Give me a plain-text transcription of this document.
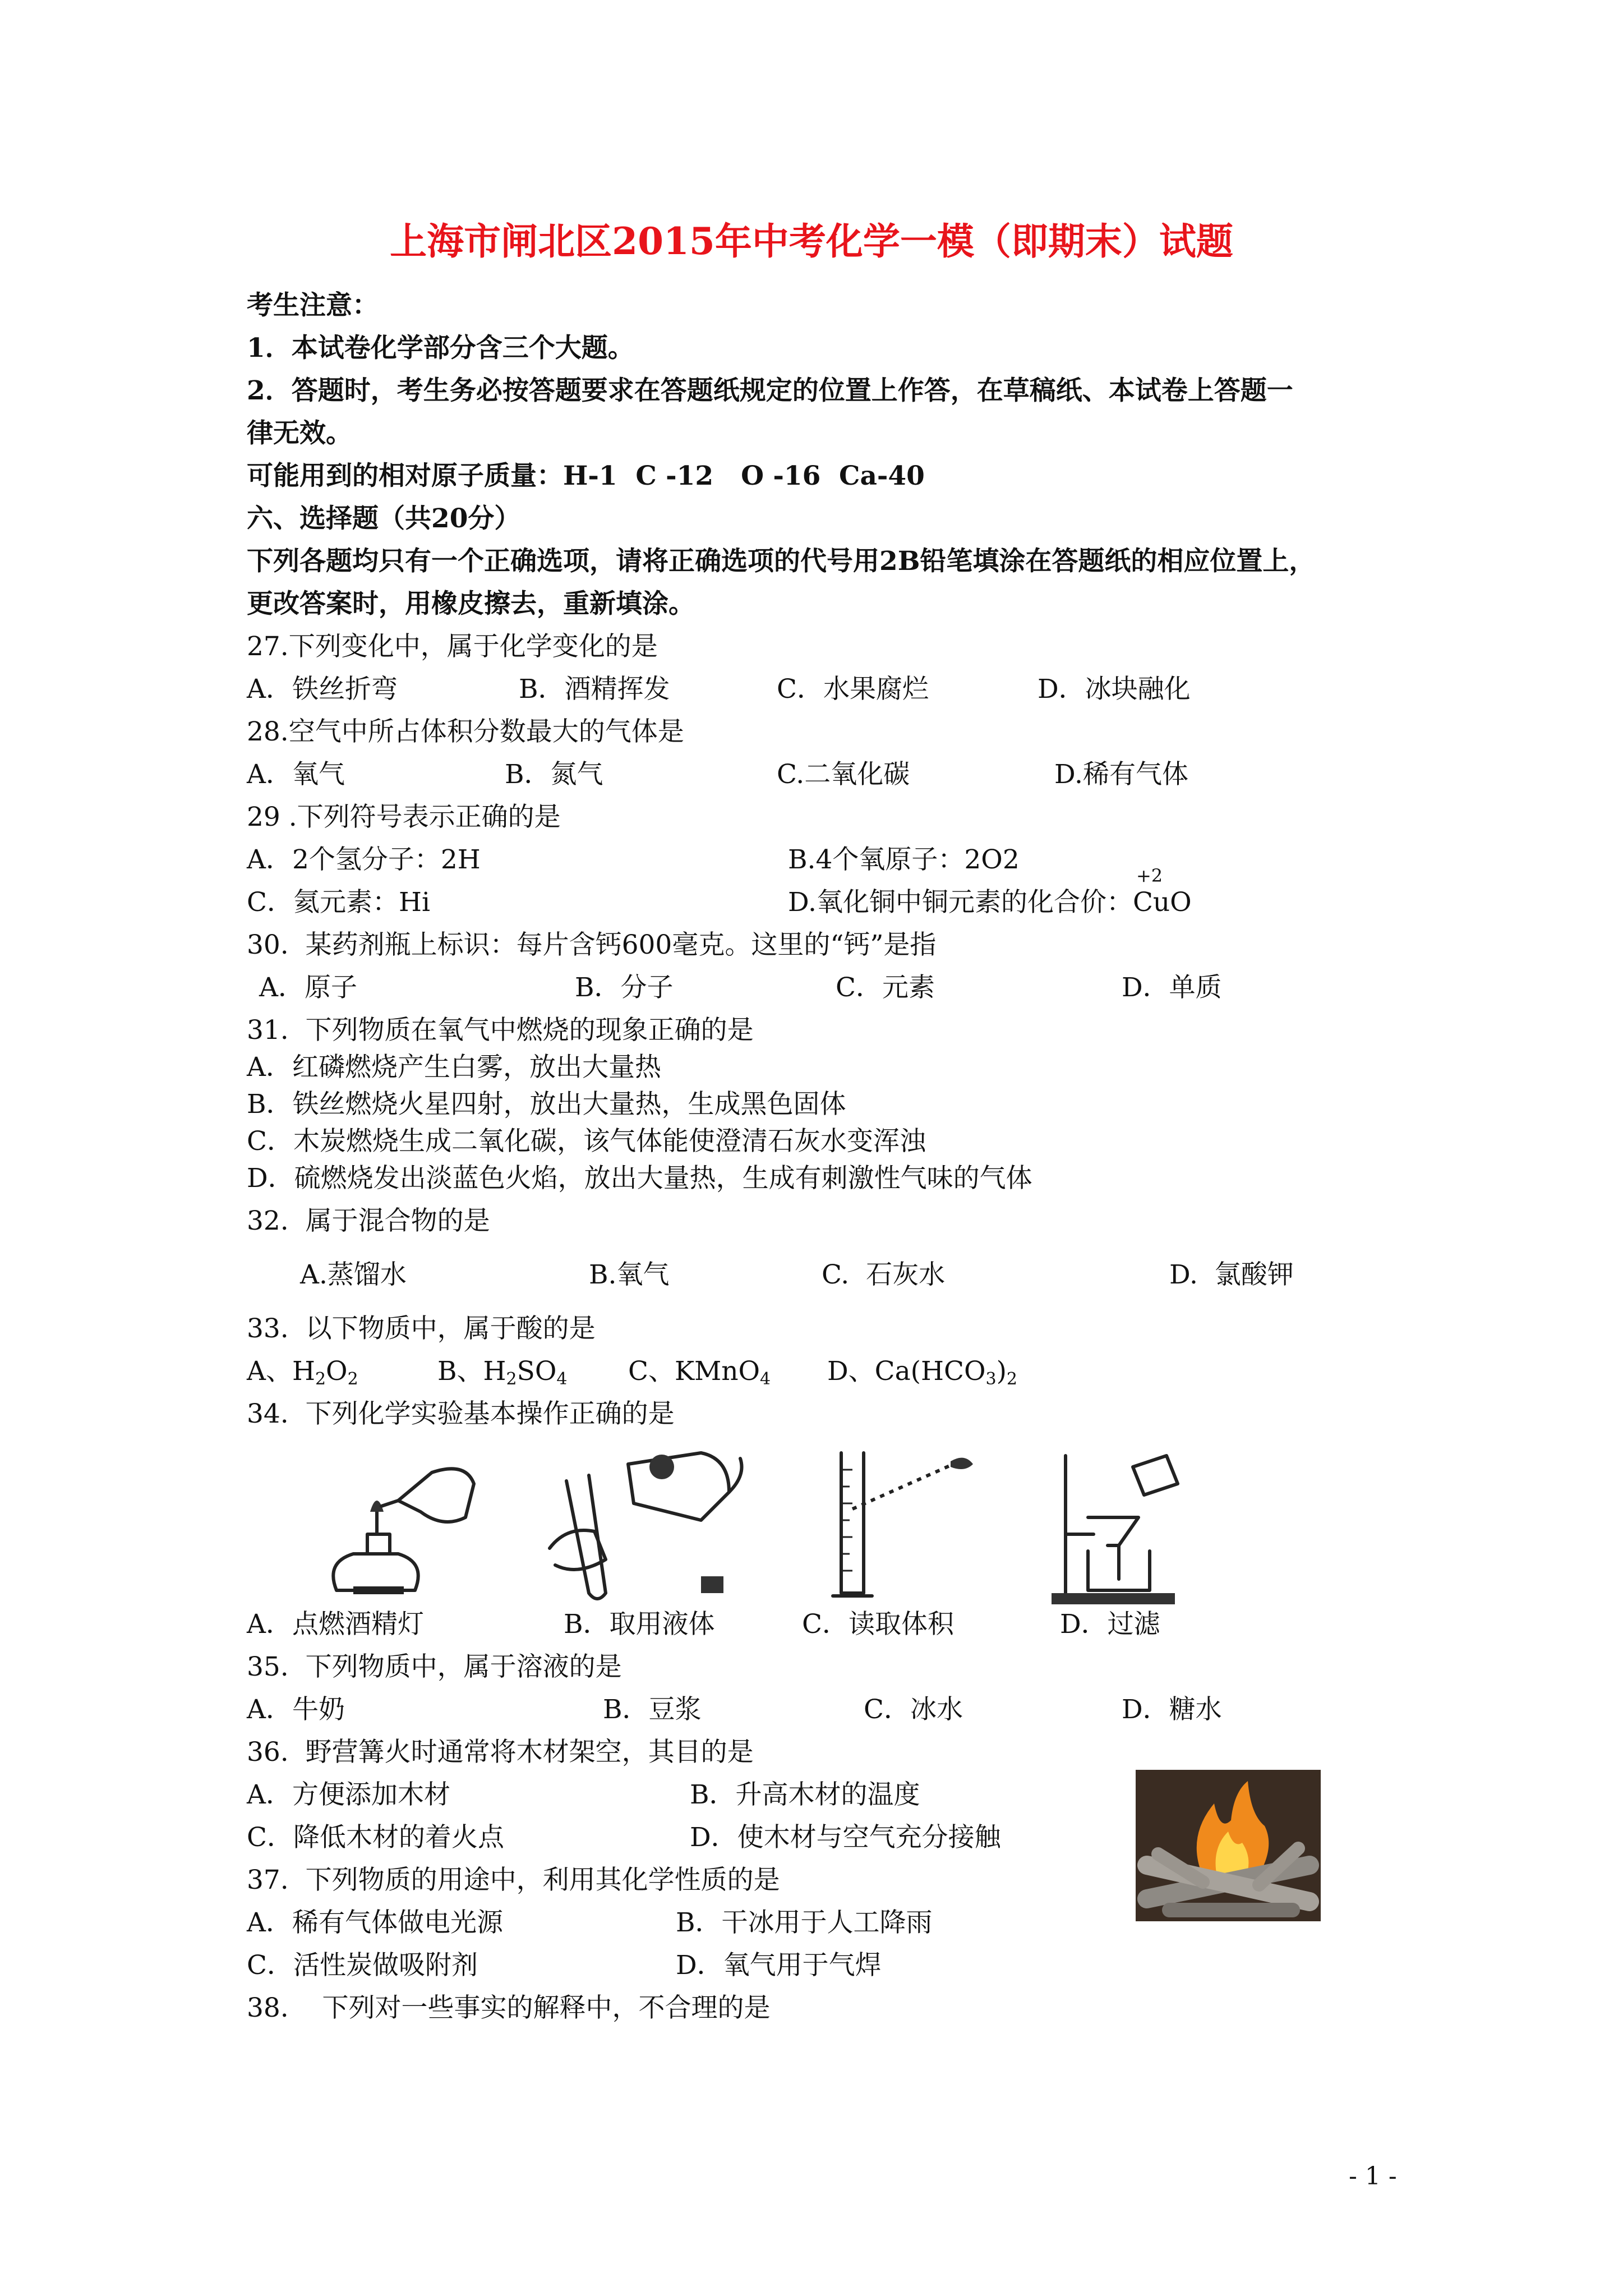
上海市闸北区2015年中考化学一模（即期末）试题
考生注意：
1．本试卷化学部分含三个大题。
2．答题时，考生务必按答题要求在答题纸规定的位置上作答，在草稿纸、本试卷上答题一
律无效。
可能用到的相对原子质量：H-1  C -12   O -16  Ca-40
六、选择题（共20分）
下列各题均只有一个正确选项，请将正确选项的代号用2B铅笔填涂在答题纸的相应位置上，
更改答案时，用橡皮擦去，重新填涂。
27.下列变化中，属于化学变化的是
A．铁丝折弯	B．酒精挥发	C．水果腐烂	D．冰块融化
28.空气中所占体积分数最大的气体是
A．氧气	B．氮气	C.二氧化碳	D.稀有气体
29 .下列符号表示正确的是
A．2个氢分子：2H	B.4个氧原子：2O2
C．氦元素：Hi	D.氧化铜中铜元素的化合价：
+2
CuO
30.  某药剂瓶上标识：每片含钙600毫克。这里的“钙”是指
A．原子	B．分子	C．元素	D．单质
31.  下列物质在氧气中燃烧的现象正确的是
A．红磷燃烧产生白雾，放出大量热
B．铁丝燃烧火星四射，放出大量热，生成黑色固体
C．木炭燃烧生成二氧化碳，该气体能使澄清石灰水变浑浊
D．硫燃烧发出淡蓝色火焰，放出大量热，生成有刺激性气味的气体
32.  属于混合物的是
A.蒸馏水	B.氧气	C.  石灰水	D.  氯酸钾
33.  以下物质中，属于酸的是
A、$H_2O_2$	B、$H_2SO_4$ C、KMnO$_4$ D、$Ca(HCO_3)_2$
34.  下列化学实验基本操作正确的是
A．点燃酒精灯	B．取用液体	C．读取体积	D．过滤
35.  下列物质中，属于溶液的是
A．牛奶	B．豆浆	C．冰水	D．糖水
36.  野营篝火时通常将木材架空，其目的是
A．方便添加木材	B．升高木材的温度
C．降低木材的着火点	D．使木材与空气充分接触
37.  下列物质的用途中，利用其化学性质的是
A．稀有气体做电光源	B．干冰用于人工降雨
C．活性炭做吸附剂	D．氧气用于气焊
38.    下列对一些事实的解释中，不合理的是
- 1 -
